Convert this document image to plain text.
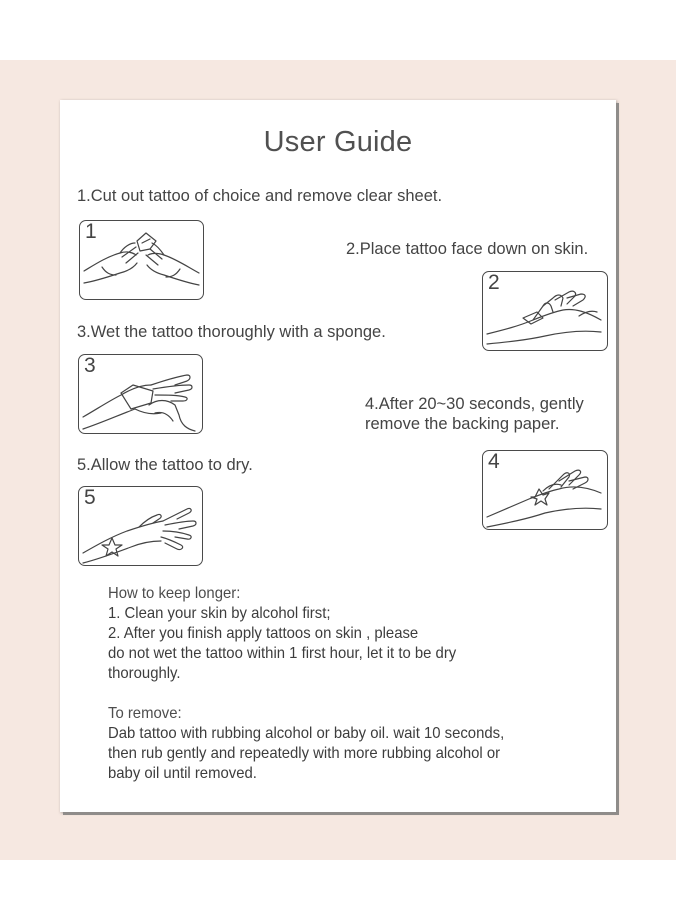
User Guide
1.Cut out tattoo of choice and remove clear sheet.
1
2.Place tattoo face down on skin.
2
3.Wet the tattoo thoroughly with a sponge.
3
4.After 20~30 seconds, gently
remove the backing paper.
4
5.Allow the tattoo to dry.
5
How to keep longer:
1. Clean your skin by alcohol first;
2. After you finish apply tattoos on skin , please
do not wet the tattoo within 1 first hour, let it to be dry
thoroughly.
To remove:
Dab tattoo with rubbing alcohol or baby oil. wait 10 seconds,
then rub gently and repeatedly with more rubbing alcohol or
baby oil until removed.
